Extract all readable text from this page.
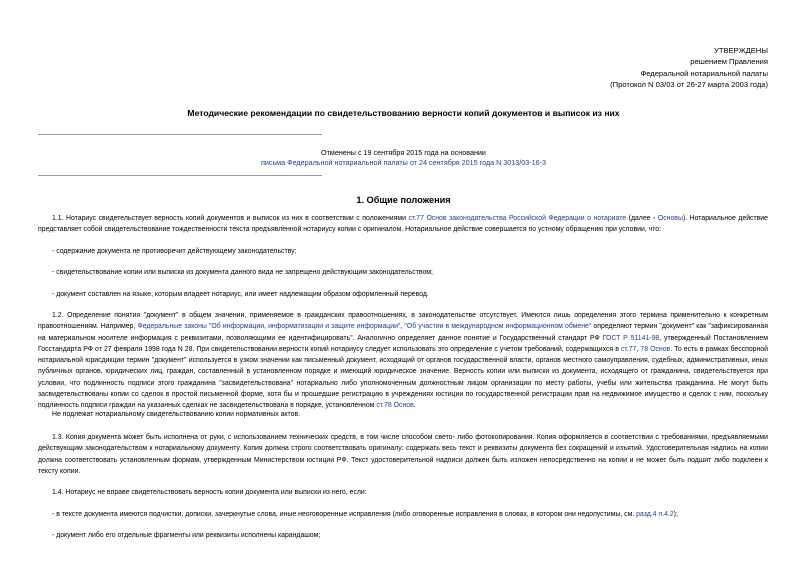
УТВЕРЖДЕНЫ
решением Правления
Федеральной нотариальной палаты
(Протокол N 03/03 от 26-27 марта 2003 года)
Методические рекомендации по свидетельствованию верности копий документов и выписок из них
Отменены с 19 сентября 2015 года на основании
письма Федеральной нотариальной палаты от 24 сентября 2015 года N 3013/03-16-3
1. Общие положения
1.1. Нотариус свидетельствует верность копий документов и выписок из них в соответствии с положениями ст.77 Основ законодательства Российской Федерации о нотариате (далее - Основы). Нотариальное действие представляет собой свидетельствование тождественности текста предъявленной нотариусу копии с оригиналом. Нотариальное действие совершается по устному обращению при условии, что:
- содержание документа не противоречит действующему законодательству;
- свидетельствование копии или выписки из документа данного вида не запрещено действующим законодательством;
- документ составлен на языке, которым владеет нотариус, или имеет надлежащим образом оформленный перевод.
1.2. Определение понятия "документ" в общем значении, применяемое в гражданских правоотношениях, в законодательстве отсутствует. Имеются лишь определения этого термина применительно к конкретным правоотношениям. Например, Федеральные законы "Об информации, информатизации и защите информации", "Об участии в международном информационном обмене" определяют термин "документ" как "зафиксированная на материальном носителе информация с реквизитами, позволяющими ее идентифицировать". Аналогично определяет данное понятие и Государственный стандарт РФ ГОСТ Р 51141-98, утвержденный Постановлением Госстандарта РФ от 27 февраля 1998 года N 28. При свидетельствовании верности копий нотариусу следует использовать это определение с учетом требований, содержащихся в ст.77, 78 Основ. То есть в рамках бесспорной нотариальной юрисдикции термин "документ" используется в узком значении как письменный документ, исходящий от органов государственной власти, органов местного самоуправления, судебных, административных, иных публичных органов, юридических лиц, граждан, составленный в установленном порядке и имеющий юридическое значение. Верность копии или выписки из документа, исходящего от гражданина, свидетельствуется при условии, что подлинность подписи этого гражданина "засвидетельствована" нотариально либо уполномоченным должностным лицом организации по месту работы, учебы или жительства гражданина. Не могут быть засвидетельствованы копии со сделок в простой письменной форме, хотя бы и прошедшие регистрацию в учреждениях юстиции по государственной регистрации прав на недвижимое имущество и сделок с ним, поскольку подлинность подписи граждан на указанных сделках не засвидетельствована в порядке, установленном ст.78 Основ.
Не подлежат нотариальному свидетельствованию копии нормативных актов.
1.3. Копия документа может быть исполнена от руки, с использованием технических средств, в том числе способом свето- либо фотокопирования. Копия оформляется в соответствии с требованиями, предъявляемыми действующим законодательством к нотариальному документу. Копия должна строго соответствовать оригиналу: содержать весь текст и реквизиты документа без сокращений и изъятий. Удостоверительная надпись на копии должна соответствовать установленным формам, утвержденным Министерством юстиции РФ. Текст удостоверительной надписи должен быть изложен непосредственно на копии и не может быть подшит либо подклеен к тексту копии.
1.4. Нотариус не вправе свидетельствовать верность копии документа или выписки из него, если:
- в тексте документа имеются подчистки, дописки, зачеркнутые слова, иные неоговоренные исправления (либо оговоренные исправления в словах, в котором они недопустимы, см. разд.4 п.4.2);
- документ либо его отдельные фрагменты или реквизиты исполнены карандашом;
